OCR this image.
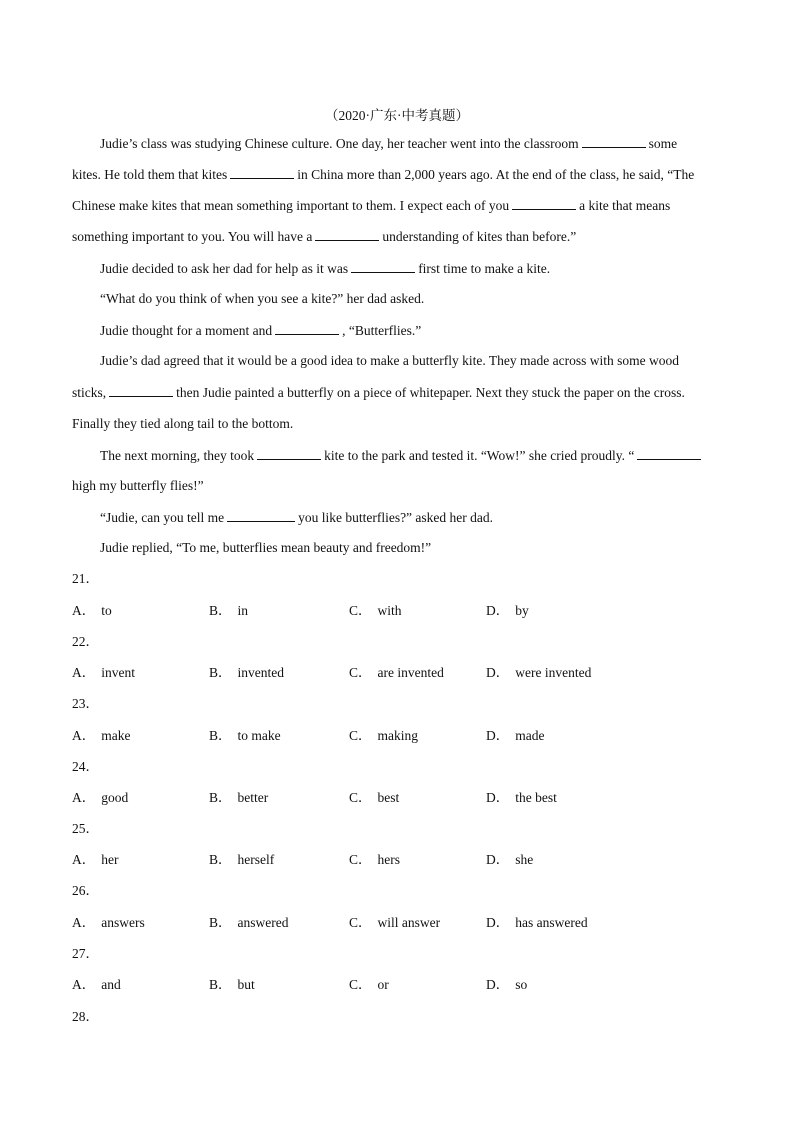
（2020·广东·中考真题）
Judie’s class was studying Chinese culture. One day, her teacher went into the classroom	some
kites. He told them that kites	in China more than 2,000 years ago. At the end of the class, he said, “The
Chinese make kites that mean something important to them. I expect each of you	a kite that means
something important to you. You will have a	understanding of kites than before.”
Judie decided to ask her dad for help as it was	first time to make a kite.
“What do you think of when you see a kite?” her dad asked.
Judie thought for a moment and	, “Butterflies.”
Judie’s dad agreed that it would be a good idea to make a butterfly kite. They made across with some wood
sticks,	then Judie painted a butterfly on a piece of whitepaper. Next they stuck the paper on the cross.
Finally they tied along tail to the bottom.
The next morning, they took	kite to the park and tested it. “Wow!” she cried proudly. “
high my butterfly flies!”
“Judie, can you tell me	you like butterflies?” asked her dad.
Judie replied, “To me, butterflies mean beauty and freedom!”
21．
A． to	B． in	C． with	D． by
22．
A． invent	B． invented	C． are invented	D． were invented
23．
A． make	B． to make	C． making	D． made
24．
A． good	B． better	C． best	D． the best
25．
A． her	B． herself	C． hers	D． she
26．
A． answers	B． answered	C． will answer	D． has answered
27．
A． and	B． but	C． or	D． so
28．
